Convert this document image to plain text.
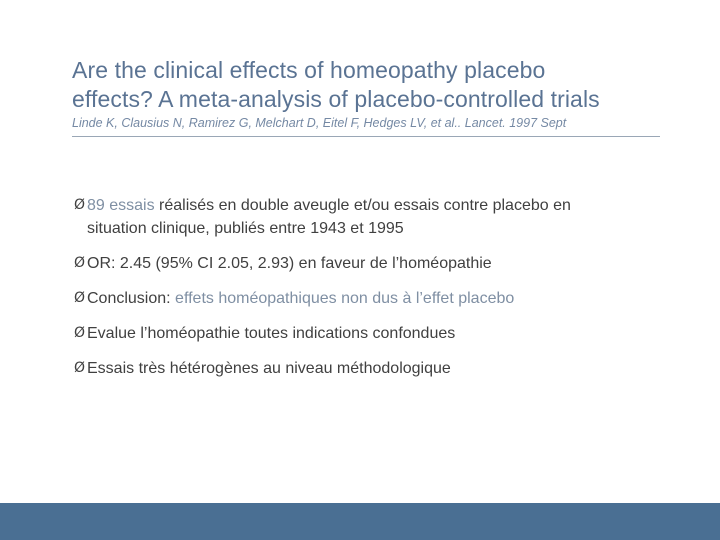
Are the clinical effects of homeopathy placebo
effects? A meta-analysis of placebo-controlled trials
Linde K, Clausius N, Ramirez G, Melchart D, Eitel F, Hedges LV, et al.. Lancet. 1997 Sept
Ø 89 essais réalisés en double aveugle et/ou essais contre placebo en
situation clinique, publiés entre 1943 et 1995
Ø OR: 2.45 (95% CI 2.05, 2.93) en faveur de l’homéopathie
Ø Conclusion: effets homéopathiques non dus à l’effet placebo
Ø Evalue l’homéopathie toutes indications confondues
Ø Essais très hétérogènes au niveau méthodologique
